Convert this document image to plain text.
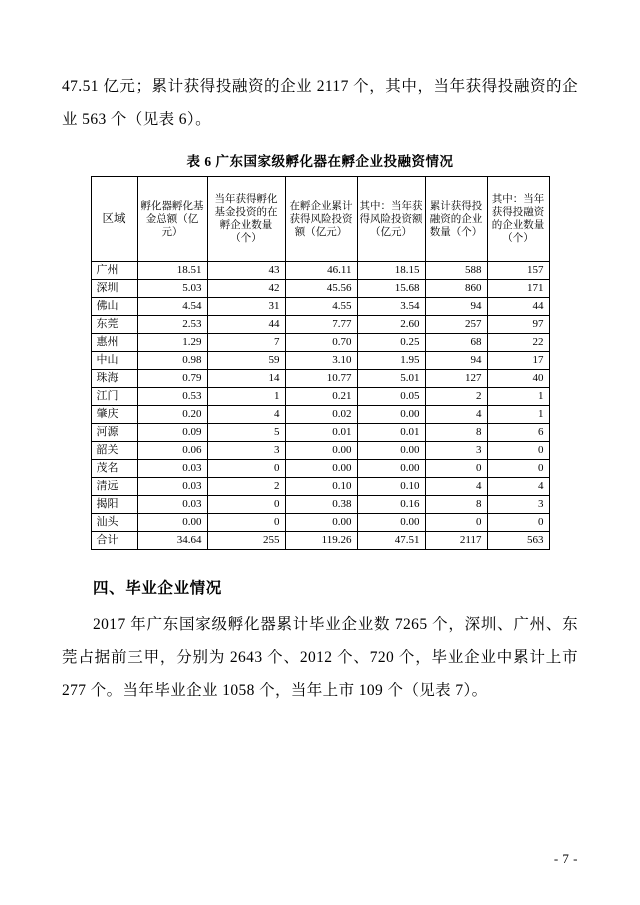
47.51 亿元；累计获得投融资的企业 2117 个，其中，当年获得投融资的企业 563 个（见表 6）。

表 6 广东国家级孵化器在孵企业投融资情况
区域	孵化器孵化基金总额（亿元）	当年获得孵化基金投资的在孵企业数量（个）	在孵企业累计获得风险投资额（亿元）	其中：当年获得风险投资额（亿元）	累计获得投融资的企业数量（个）	其中：当年获得投融资的企业数量（个）
广州	18.51	43	46.11	18.15	588	157
深圳	5.03	42	45.56	15.68	860	171
佛山	4.54	31	4.55	3.54	94	44
东莞	2.53	44	7.77	2.60	257	97
惠州	1.29	7	0.70	0.25	68	22
中山	0.98	59	3.10	1.95	94	17
珠海	0.79	14	10.77	5.01	127	40
江门	0.53	1	0.21	0.05	2	1
肇庆	0.20	4	0.02	0.00	4	1
河源	0.09	5	0.01	0.01	8	6
韶关	0.06	3	0.00	0.00	3	0
茂名	0.03	0	0.00	0.00	0	0
清远	0.03	2	0.10	0.10	4	4
揭阳	0.03	0	0.38	0.16	8	3
汕头	0.00	0	0.00	0.00	0	0
合计	34.64	255	119.26	47.51	2117	563
四、毕业企业情况

2017 年广东国家级孵化器累计毕业企业数 7265 个，深圳、广州、东莞占据前三甲，分别为 2643 个、2012 个、720 个，毕业企业中累计上市 277 个。当年毕业企业 1058 个，当年上市 109 个（见表 7）。

- 7 -
